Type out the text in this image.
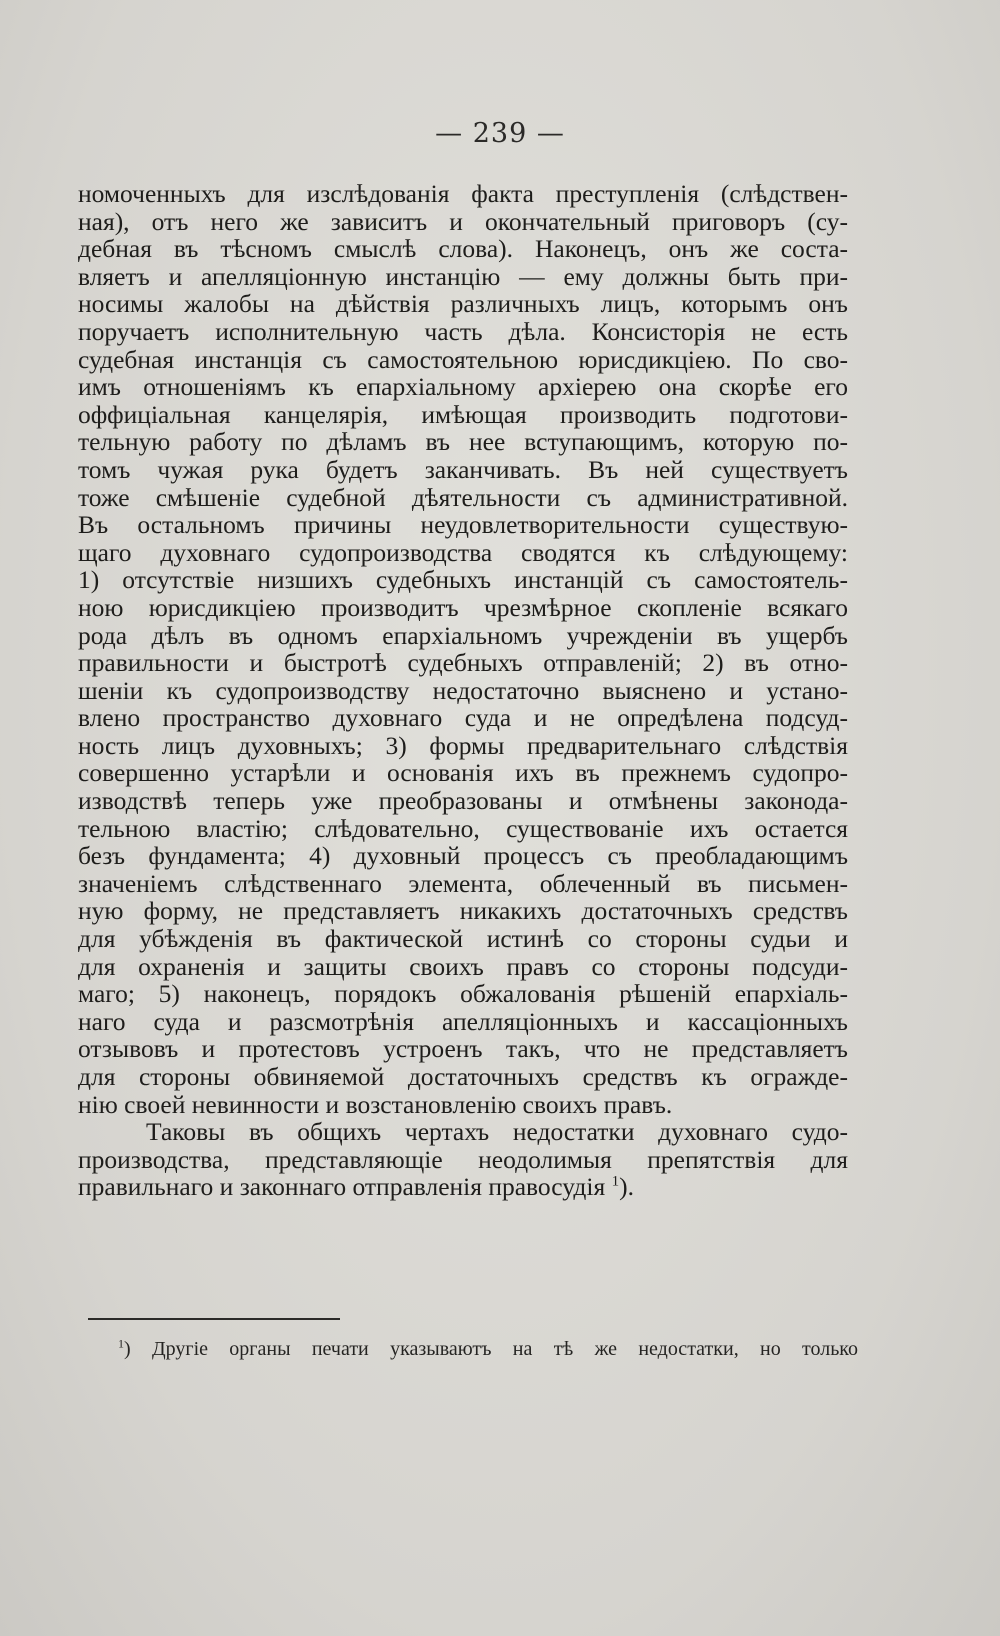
— 239 —
номоченныхъ для изслѣдованія факта преступленія (слѣдствен-
ная), отъ него же зависитъ и окончательный приговоръ (су-
дебная въ тѣсномъ смыслѣ слова). Наконецъ, онъ же соста-
вляетъ и апелляціонную инстанцію — ему должны быть при-
носимы жалобы на дѣйствія различныхъ лицъ, которымъ онъ
поручаетъ исполнительную часть дѣла. Консисторія не есть
судебная инстанція съ самостоятельною юрисдикціею. По сво-
имъ отношеніямъ къ епархіальному архіерею она скорѣе его
оффиціальная канцелярія, имѣющая производить подготови-
тельную работу по дѣламъ въ нее вступающимъ, которую по-
томъ чужая рука будетъ заканчивать. Въ ней существуетъ
тоже смѣшеніе судебной дѣятельности съ административной.
Въ остальномъ причины неудовлетворительности существую-
щаго духовнаго судопроизводства сводятся къ слѣдующему:
1) отсутствіе низшихъ судебныхъ инстанцій съ самостоятель-
ною юрисдикціею производитъ чрезмѣрное скопленіе всякаго
рода дѣлъ въ одномъ епархіальномъ учрежденіи въ ущербъ
правильности и быстротѣ судебныхъ отправленій; 2) въ отно-
шеніи къ судопроизводству недостаточно выяснено и устано-
влено пространство духовнаго суда и не опредѣлена подсуд-
ность лицъ духовныхъ; 3) формы предварительнаго слѣдствія
совершенно устарѣли и основанія ихъ въ прежнемъ судопро-
изводствѣ теперь уже преобразованы и отмѣнены законода-
тельною властію; слѣдовательно, существованіе ихъ остается
безъ фундамента; 4) духовный процессъ съ преобладающимъ
значеніемъ слѣдственнаго элемента, облеченный въ письмен-
ную форму, не представляетъ никакихъ достаточныхъ средствъ
для убѣжденія въ фактической истинѣ со стороны судьи и
для охраненія и защиты своихъ правъ со стороны подсуди-
маго; 5) наконецъ, порядокъ обжалованія рѣшеній епархіаль-
наго суда и разсмотрѣнія апелляціонныхъ и кассаціонныхъ
отзывовъ и протестовъ устроенъ такъ, что не представляетъ
для стороны обвиняемой достаточныхъ средствъ къ огражде-
нію своей невинности и возстановленію своихъ правъ.
Таковы въ общихъ чертахъ недостатки духовнаго судо-
производства, представляющіе неодолимыя препятствія для
правильнаго и законнаго отправленія правосудія $^1$).
$^1$) Другіе органы печати указываютъ на тѣ же недостатки, но только
